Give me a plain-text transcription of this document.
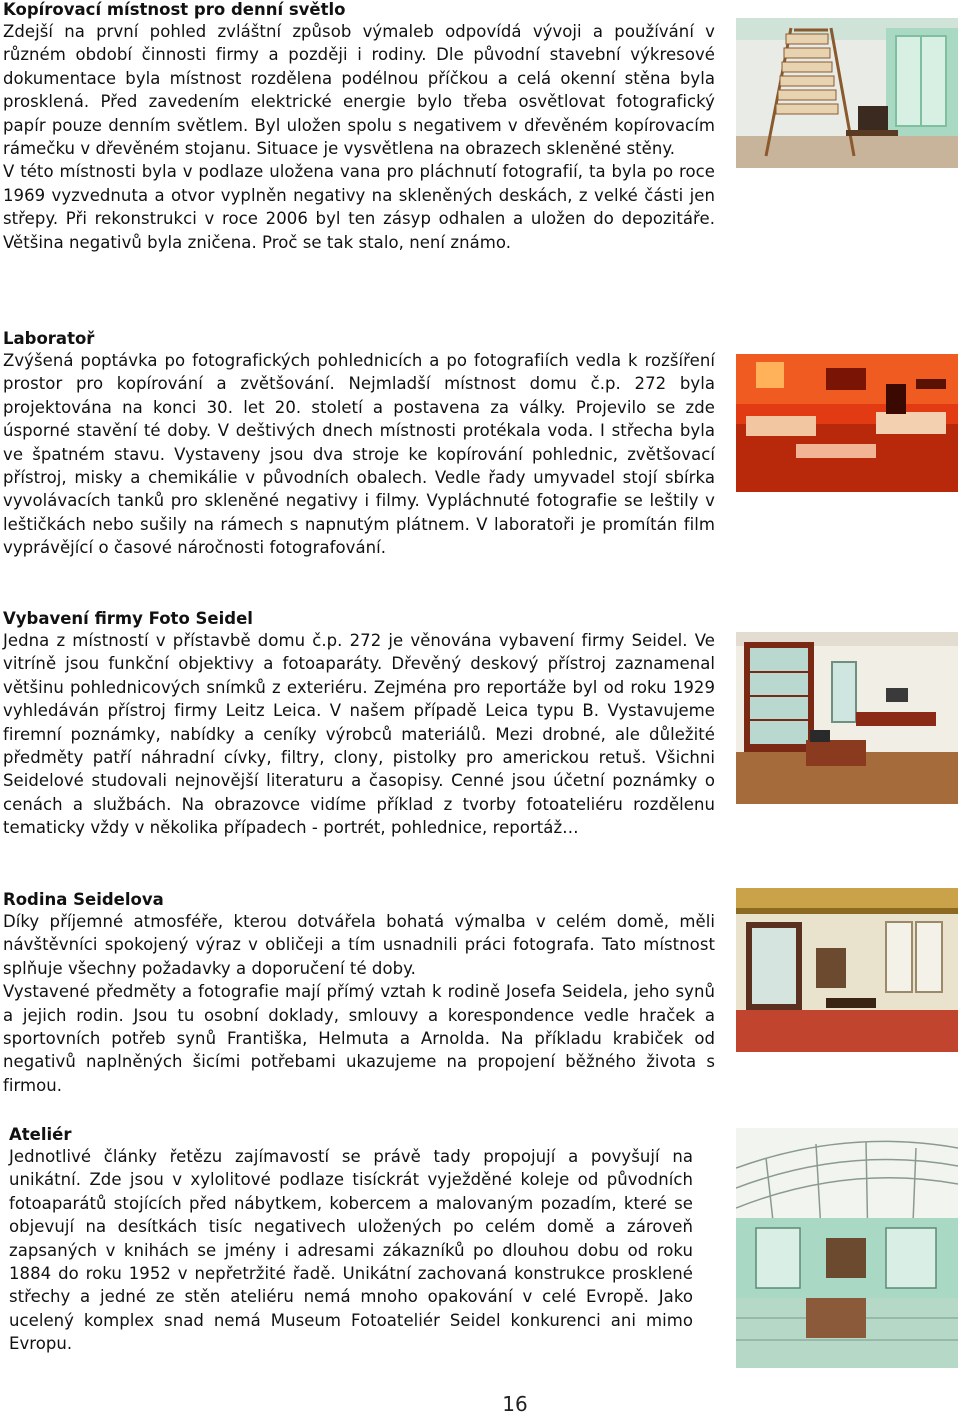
Kopírovací místnost pro denní světlo

Zdejší na první pohled zvláštní způsob výmaleb odpovídá vývoji a používání v různém období činnosti firmy a později i rodiny. Dle původní stavební výkresové dokumentace byla místnost rozdělena podélnou příčkou a celá okenní stěna byla prosklená. Před zavedením elektrické energie bylo třeba osvětlovat fotografický papír pouze denním světlem. Byl uložen spolu s negativem v dřevěném kopírovacím rámečku v dřevěném stojanu. Situace je vysvětlena na obrazech skleněné stěny.

V této místnosti byla v podlaze uložena vana pro pláchnutí fotografií, ta byla po roce 1969 vyzvednuta a otvor vyplněn negativy na skleněných deskách, z velké části jen střepy. Při rekonstrukci v roce 2006 byl ten zásyp odhalen a uložen do depozitáře. Většina negativů byla zničena. Proč se tak stalo, není známo.

Laboratoř

Zvýšená poptávka po fotografických pohlednicích a po fotografiích vedla k rozšíření prostor pro kopírování a zvětšování. Nejmladší místnost domu č.p. 272 byla projektována na konci 30. let 20. století a postavena za války. Projevilo se zde úsporné stavění té doby. V deštivých dnech místnosti protékala voda. I střecha byla ve špatném stavu. Vystaveny jsou dva stroje ke kopírování pohlednic, zvětšovací přístroj, misky a chemikálie v původních obalech. Vedle řady umyvadel stojí sbírka vyvolávacích tanků pro skleněné negativy i filmy. Vypláchnuté fotografie se leštily v leštičkách nebo sušily na rámech s napnutým plátnem. V laboratoři je promítán film vyprávějící o časové náročnosti fotografování.

Vybavení firmy Foto Seidel

Jedna z místností v přístavbě domu č.p. 272 je věnována vybavení firmy Seidel. Ve vitríně jsou funkční objektivy a fotoaparáty. Dřevěný deskový přístroj zaznamenal většinu pohlednicových snímků z exteriéru. Zejména pro reportáže byl od roku 1929 vyhledáván přístroj firmy Leitz Leica. V našem případě Leica typu B. Vystavujeme firemní poznámky, nabídky a ceníky výrobců materiálů. Mezi drobné, ale důležité předměty patří náhradní cívky, filtry, clony, pistolky pro americkou retuš. Všichni Seidelové studovali nejnovější literaturu a časopisy. Cenné jsou účetní poznámky o cenách a službách. Na obrazovce vidíme příklad z tvorby fotoateliéru rozdělenu tematicky vždy v několika případech - portrét, pohlednice, reportáž…

Rodina Seidelova

Díky příjemné atmosféře, kterou dotvářela bohatá výmalba v celém domě, měli návštěvníci spokojený výraz v obličeji a tím usnadnili práci fotografa. Tato místnost splňuje všechny požadavky a doporučení té doby.

Vystavené předměty a fotografie mají přímý vztah k rodině Josefa Seidela, jeho synů a jejich rodin. Jsou tu osobní doklady, smlouvy a korespondence vedle hraček a sportovních potřeb synů Františka, Helmuta a Arnolda. Na příkladu krabiček od negativů naplněných šicími potřebami ukazujeme na propojení běžného života s firmou.

Ateliér

Jednotlivé články řetězu zajímavostí se právě tady propojují a povyšují na unikátní. Zde jsou v xylolitové podlaze tisíckrát vyježděné koleje od původních fotoaparátů stojících před nábytkem, kobercem a malovaným pozadím, které se objevují na desítkách tisíc negativech uložených po celém domě a zároveň zapsaných v knihách se jmény i adresami zákazníků po dlouhou dobu od roku 1884 do roku 1952 v nepřetržité řadě. Unikátní zachovaná konstrukce prosklené střechy a jedné ze stěn ateliéru nemá mnoho opakování v celé Evropě. Jako ucelený komplex snad nemá Museum Fotoateliér Seidel konkurenci ani mimo Evropu.

16
